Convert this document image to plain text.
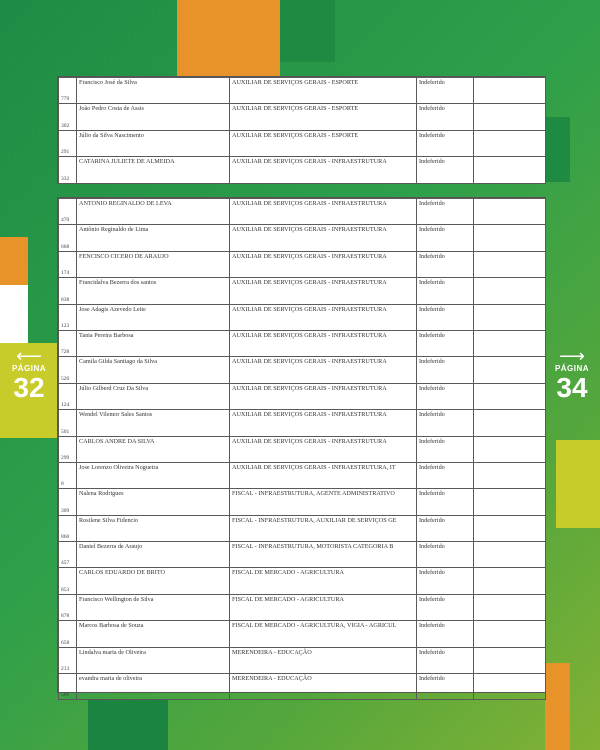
⟵
PÁGINA
32
⟶
PÁGINA
34
779	Francisco José da Silva	AUXILIAR DE SERVIÇOS GERAIS - ESPORTE	Indeferido	
302	João Pedro Costa de Assis	AUXILIAR DE SERVIÇOS GERAIS - ESPORTE	Indeferido	
291	Júlio da Silva Nascimento	AUXILIAR DE SERVIÇOS GERAIS - ESPORTE	Indeferido	
332	CATARINA JULIETE DE ALMEIDA	AUXILIAR DE SERVIÇOS GERAIS - INFRAESTRUTURA	Indeferido	
470	ANTONIO REGINALDO DE LEVA	AUXILIAR DE SERVIÇOS GERAIS - INFRAESTRUTURA	Indeferido	
668	Antônio Reginaldo de Lima	AUXILIAR DE SERVIÇOS GERAIS - INFRAESTRUTURA	Indeferido	
174	FENCISCO CICERO DE ARAUJO	AUXILIAR DE SERVIÇOS GERAIS - INFRAESTRUTURA	Indeferido	
838	Francidalva Bezerra dos santos	AUXILIAR DE SERVIÇOS GERAIS - INFRAESTRUTURA	Indeferido	
123	Jose Adagis Azevedo Leite	AUXILIAR DE SERVIÇOS GERAIS - INFRAESTRUTURA	Indeferido	
728	Tania Pereira Barbosa	AUXILIAR DE SERVIÇOS GERAIS - INFRAESTRUTURA	Indeferido	
520	Camila Gilda Santiago da Silva	AUXILIAR DE SERVIÇOS GERAIS - INFRAESTRUTURA	Indeferido	
124	Júlio Gilberd Cruz Da Silva	AUXILIAR DE SERVIÇOS GERAIS - INFRAESTRUTURA	Indeferido	
501	Wendel Vilemor Sales Santos	AUXILIAR DE SERVIÇOS GERAIS - INFRAESTRUTURA	Indeferido	
299	CARLOS ANDRE DA SILVA	AUXILIAR DE SERVIÇOS GERAIS - INFRAESTRUTURA	Indeferido	
8	Jose Lorenzo Oliveira Nogueira	AUXILIAR DE SERVIÇOS GERAIS - INFRAESTRUTURA, IT	Indeferido	
309	Nalena Rodrigues	FISCAL - INFRAESTRUTURA, AGENTE ADMINISTRATIVO	Indeferido	
860	Rosilene Silva Fidencio	FISCAL - INFRAESTRUTURA, AUXILIAR DE SERVIÇOS GE	Indeferido	
457	Daniel Bezerra de Araujo	FISCAL - INFRAESTRUTURA, MOTORISTA CATEGORIA B	Indeferido	
853	CARLOS EDUARDO DE BRITO	FISCAL DE MERCADO - AGRICULTURA	Indeferido	
878	Francisco Wellington de Silva	FISCAL DE MERCADO - AGRICULTURA	Indeferido	
658	Marcos Barbosa de Souza	FISCAL DE MERCADO - AGRICULTURA, VIGIA - AGRICUL	Indeferido	
213	Lindalva maria de Oliveira	MERENDEIRA - EDUCAÇÃO	Indeferido	
586	evandra maria de oliveira	MERENDEIRA - EDUCAÇÃO	Indeferido	
